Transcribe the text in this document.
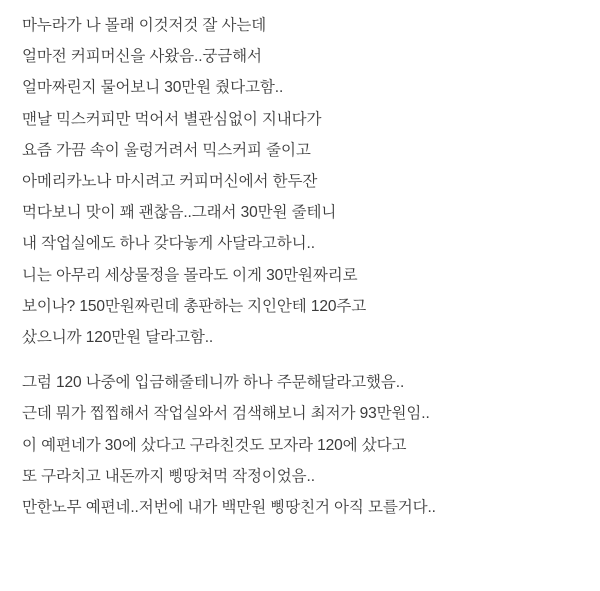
마누라가 나 몰래 이것저것 잘 사는데
얼마전 커피머신을 사왔음..궁금해서
얼마짜린지 물어보니 30만원 줬다고함..
맨날 믹스커피만 먹어서 별관심없이 지내다가
요즘 가끔 속이 울렁거려서 믹스커피 줄이고
아메리카노나 마시려고 커피머신에서 한두잔
먹다보니 맛이 꽤 괜찮음..그래서 30만원 줄테니
내 작업실에도 하나 갖다놓게 사달라고하니..
니는 아무리 세상물정을 몰라도 이게 30만원짜리로
보이나? 150만원짜린데 총판하는 지인안테 120주고
샀으니까 120만원 달라고함..
그럼 120 나중에 입금해줄테니까 하나 주문해달라고했음..
근데 뭐가 찝찝해서 작업실와서 검색해보니 최저가 93만원임..
이 예편네가 30에 샀다고 구라친것도 모자라 120에 샀다고
또 구라치고 내돈까지 삥땅쳐먹 작정이었음..
만한노무 예편네..저번에 내가 백만원 삥땅친거 아직 모를거다..
